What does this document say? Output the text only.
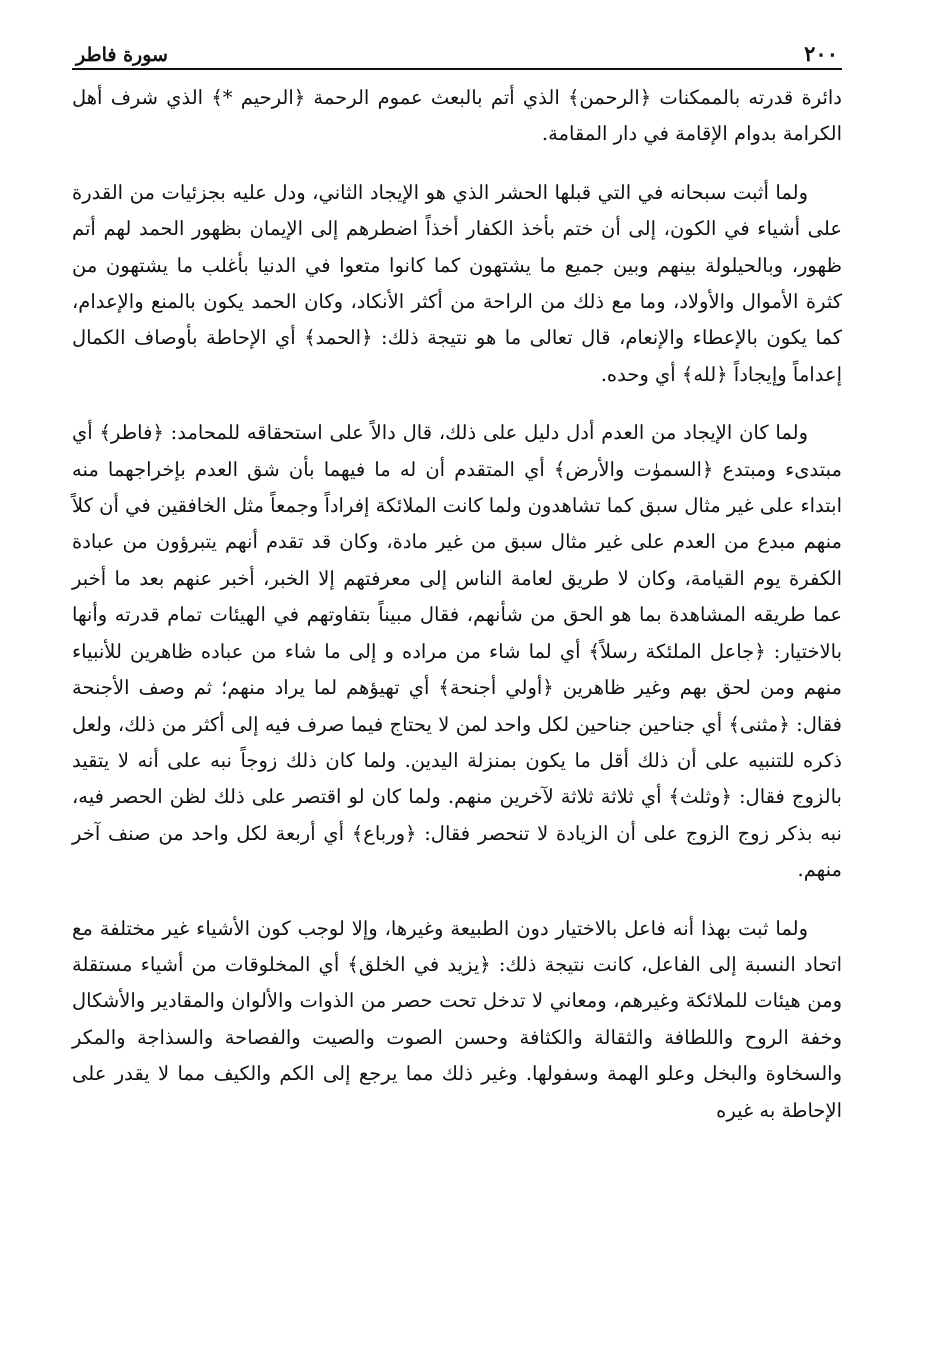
٢٠٠
سورة فاطر

دائرة قدرته بالممكنات ﴿الرحمن﴾ الذي أتم بالبعث عموم الرحمة ﴿الرحيم *﴾ الذي شرف أهل الكرامة بدوام الإقامة في دار المقامة.

ولما أثبت سبحانه في التي قبلها الحشر الذي هو الإيجاد الثاني، ودل عليه بجزئيات من القدرة على أشياء في الكون، إلى أن ختم بأخذ الكفار أخذاً اضطرهم إلى الإيمان بظهور الحمد لهم أتم ظهور، وبالحيلولة بينهم وبين جميع ما يشتهون كما كانوا متعوا في الدنيا بأغلب ما يشتهون من كثرة الأموال والأولاد، وما مع ذلك من الراحة من أكثر الأنكاد، وكان الحمد يكون بالمنع والإعدام، كما يكون بالإعطاء والإنعام، قال تعالى ما هو نتيجة ذلك: ﴿الحمد﴾ أي الإحاطة بأوصاف الكمال إعداماً وإيجاداً ﴿لله﴾ أي وحده.

ولما كان الإيجاد من العدم أدل دليل على ذلك، قال دالاً على استحقاقه للمحامد: ﴿فاطر﴾ أي مبتدىء ومبتدع ﴿السموٰت والأرض﴾ أي المتقدم أن له ما فيهما بأن شق العدم بإخراجهما منه ابتداء على غير مثال سبق كما تشاهدون ولما كانت الملائكة إفراداً وجمعاً مثل الخافقين في أن كلاً منهم مبدع من العدم على غير مثال سبق من غير مادة، وكان قد تقدم أنهم يتبرؤون من عبادة الكفرة يوم القيامة، وكان لا طريق لعامة الناس إلى معرفتهم إلا الخبر، أخبر عنهم بعد ما أخبر عما طريقه المشاهدة بما هو الحق من شأنهم، فقال مبيناً بتفاوتهم في الهيئات تمام قدرته وأنها بالاختيار: ﴿جاعل الملئكة رسلاً﴾ أي لما شاء من مراده و إلى ما شاء من عباده ظاهرين للأنبياء منهم ومن لحق بهم وغير ظاهرين ﴿أولي أجنحة﴾ أي تهيؤهم لما يراد منهم؛ ثم وصف الأجنحة فقال: ﴿مثنى﴾ أي جناحين جناحين لكل واحد لمن لا يحتاج فيما صرف فيه إلى أكثر من ذلك، ولعل ذكره للتنبيه على أن ذلك أقل ما يكون بمنزلة اليدين. ولما كان ذلك زوجاً نبه على أنه لا يتقيد بالزوج فقال: ﴿وثلث﴾ أي ثلاثة ثلاثة لآخرين منهم. ولما كان لو اقتصر على ذلك لظن الحصر فيه، نبه بذكر زوج الزوج على أن الزيادة لا تنحصر فقال: ﴿ورباع﴾ أي أربعة لكل واحد من صنف آخر منهم.

ولما ثبت بهذا أنه فاعل بالاختيار دون الطبيعة وغيرها، وإلا لوجب كون الأشياء غير مختلفة مع اتحاد النسبة إلى الفاعل، كانت نتيجة ذلك: ﴿يزيد في الخلق﴾ أي المخلوقات من أشياء مستقلة ومن هيئات للملائكة وغيرهم، ومعاني لا تدخل تحت حصر من الذوات والألوان والمقادير والأشكال وخفة الروح واللطافة والثقالة والكثافة وحسن الصوت والصيت والفصاحة والسذاجة والمكر والسخاوة والبخل وعلو الهمة وسفولها. وغير ذلك مما يرجع إلى الكم والكيف مما لا يقدر على الإحاطة به غيره
